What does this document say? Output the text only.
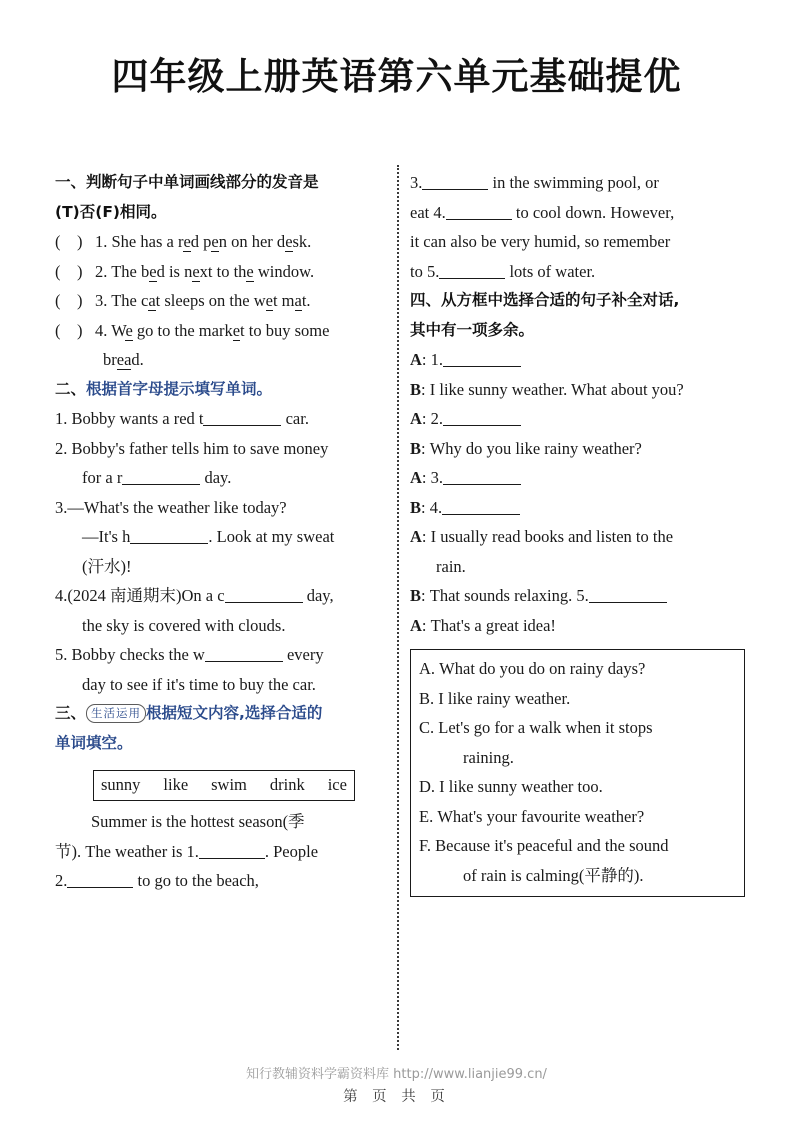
四年级上册英语第六单元基础提优
一、判断句子中单词画线部分的发音是
(T)否(F)相同。
(    ) 1. She has a red pen on her desk.
(    ) 2. The bed is next to the window.
(    ) 3. The cat sleeps on the wet mat.
(    ) 4. We go to the market to buy some
bread.
二、根据首字母提示填写单词。
1. Bobby wants a red t	car.
2. Bobby's father tells him to save money
for a r	day.
3.—What's the weather like today?
—It's h	. Look at my sweat
(汗水)!
4.(2024 南通期末)On a c	day,
the sky is covered with clouds.
5. Bobby checks the w	every
day to see if it's time to buy the car.
三、 生活运用 根据短文内容,选择合适的
单词填空。
sunny like swim drink ice
Summer is the hottest season(季
节). The weather is 1.	. People
2.	to go to the beach,
3.	in the swimming pool, or
eat 4.	to cool down. However,
it can also be very humid, so remember
to 5.	lots of water.
四、从方框中选择合适的句子补全对话,
其中有一项多余。
A: 1.
B: I like sunny weather. What about you?
A: 2.
B: Why do you like rainy weather?
A: 3.
B: 4.
A: I usually read books and listen to the
rain.
B: That sounds relaxing. 5.
A: That's a great idea!
A. What do you do on rainy days?
B. I like rainy weather.
C. Let's go for a walk when it stops
raining.
D. I like sunny weather too.
E. What's your favourite weather?
F. Because it's peaceful and the sound
of rain is calming(平静的).
知行教辅资料学霸资料库 http://www.lianjie99.cn/
第 页 共 页
